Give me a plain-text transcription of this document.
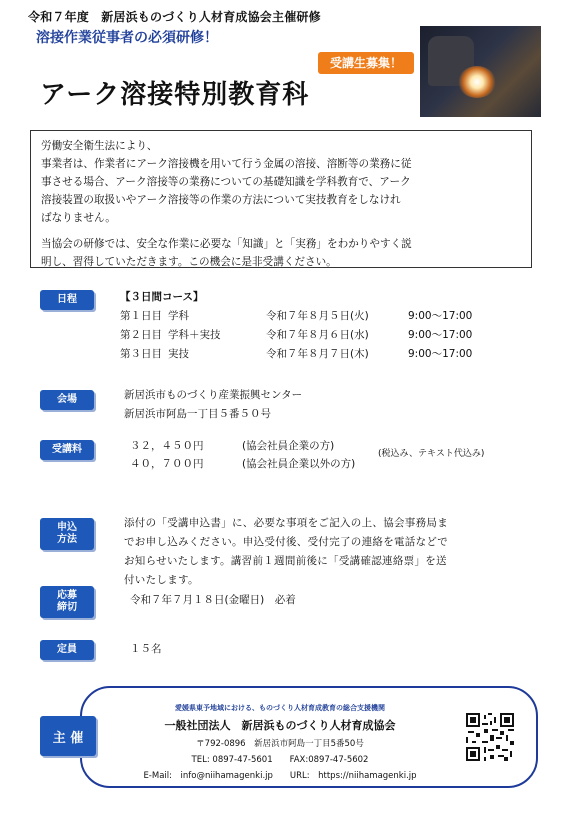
令和７年度　新居浜ものづくり人材育成協会主催研修
溶接作業従事者の必須研修！
受講生募集！
アーク溶接特別教育科

労働安全衛生法により、

事業者は、作業者にアーク溶接機を用いて行う金属の溶接、溶断等の業務に従

事させる場合、アーク溶接等の業務についての基礎知識を学科教育で、アーク

溶接装置の取扱いやアーク溶接等の作業の方法について実技教育をしなけれ

ばなりません。

当協会の研修では、安全な作業に必要な「知識」と「実務」をわかりやすく説

明し、習得していただきます。この機会に是非受講ください。

日程	【３日間コース】
第１日目	学科	令和７年８月５日(火)	9:00～17:00
第２日目	学科＋実技	令和７年８月６日(水)	9:00～17:00
第３日目	実技	令和７年８月７日(木)	9:00～17:00
会場	新居浜市ものづくり産業振興センター
新居浜市阿島一丁目５番５０号
受講料	３２，４５０円	(協会社員企業の方)
４０，７００円	(協会社員企業以外の方)
(税込み、テキスト代込み)
申込
方法
添付の「受講申込書」に、必要な事項をご記入の上、協会事務局ま
でお申し込みください。申込受付後、受付完了の連絡を電話などで
お知らせいたします。講習前１週間前後に「受講確認連絡票」を送
付いたします。
応募
締切
令和７年７月１８日(金曜日)　必着
定員	１５名
主 催
愛媛県東予地域における、ものづくり人材育成教育の総合支援機関
一般社団法人　新居浜ものづくり人材育成協会
〒792-0896　新居浜市阿島一丁目5番50号
TEL: 0897-47-5601　　FAX:0897-47-5602
E-Mail:　info@niihamagenki.jp　　URL:　https://niihamagenki.jp
